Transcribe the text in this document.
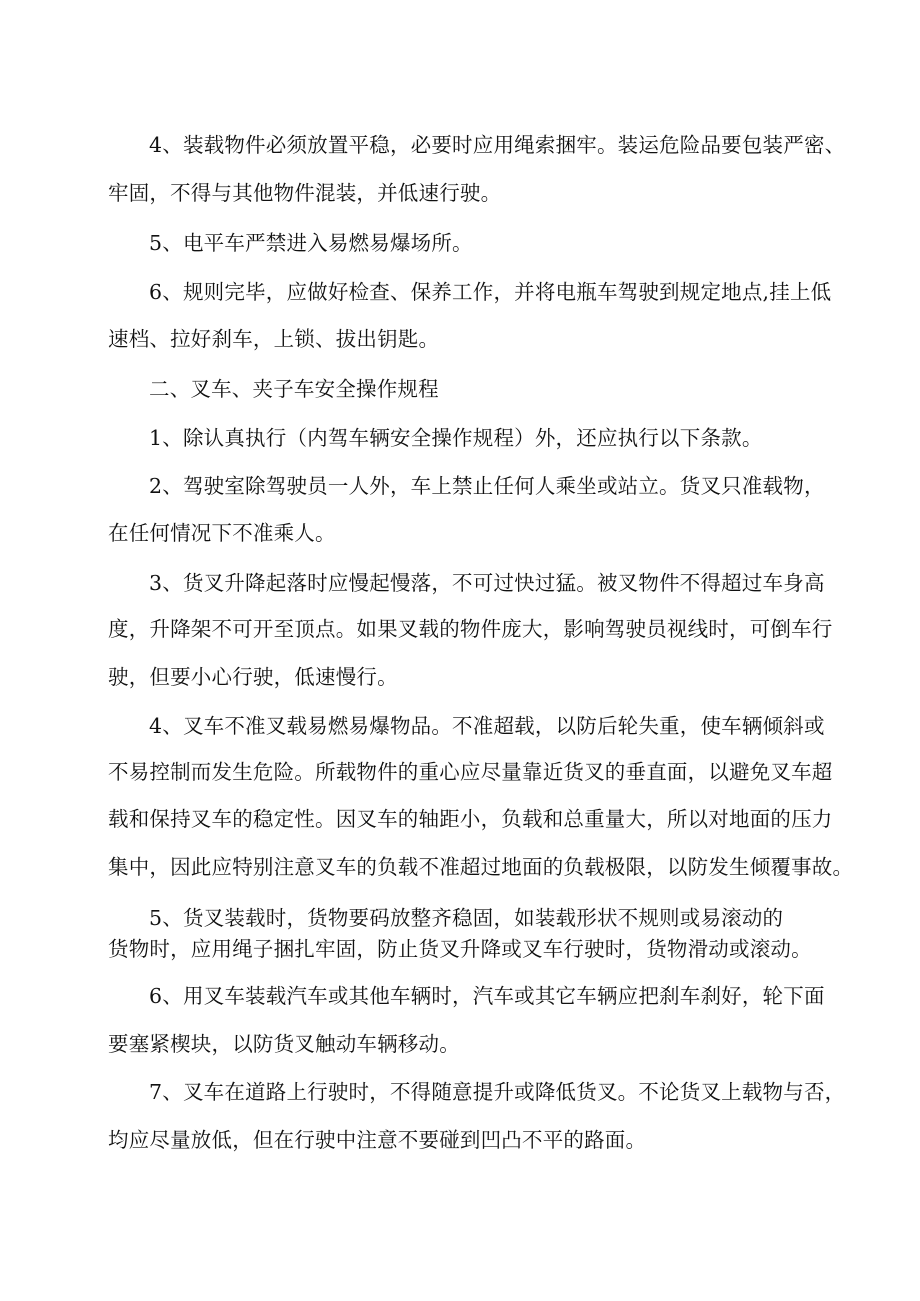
4、装载物件必须放置平稳，必要时应用绳索捆牢。装运危险品要包装严密、
牢固，不得与其他物件混装，并低速行驶。
5、电平车严禁进入易燃易爆场所。
6、规则完毕，应做好检查、保养工作，并将电瓶车驾驶到规定地点,挂上低
速档、拉好刹车，上锁、拔出钥匙。
二、叉车、夹子车安全操作规程
1、除认真执行（内驾车辆安全操作规程）外，还应执行以下条款。
2、驾驶室除驾驶员一人外，车上禁止任何人乘坐或站立。货叉只准载物，
在任何情况下不准乘人。
3、货叉升降起落时应慢起慢落，不可过快过猛。被叉物件不得超过车身高
度，升降架不可开至顶点。如果叉载的物件庞大，影响驾驶员视线时，可倒车行
驶，但要小心行驶，低速慢行。
4、叉车不准叉载易燃易爆物品。不准超载，以防后轮失重，使车辆倾斜或
不易控制而发生危险。所载物件的重心应尽量靠近货叉的垂直面，以避免叉车超
载和保持叉车的稳定性。因叉车的轴距小，负载和总重量大，所以对地面的压力
集中，因此应特别注意叉车的负载不准超过地面的负载极限，以防发生倾覆事故。
5、货叉装载时，货物要码放整齐稳固，如装载形状不规则或易滚动的
货物时，应用绳子捆扎牢固，防止货叉升降或叉车行驶时，货物滑动或滚动。
6、用叉车装载汽车或其他车辆时，汽车或其它车辆应把刹车刹好，轮下面
要塞紧楔块，以防货叉触动车辆移动。
7、叉车在道路上行驶时，不得随意提升或降低货叉。不论货叉上载物与否，
均应尽量放低，但在行驶中注意不要碰到凹凸不平的路面。
